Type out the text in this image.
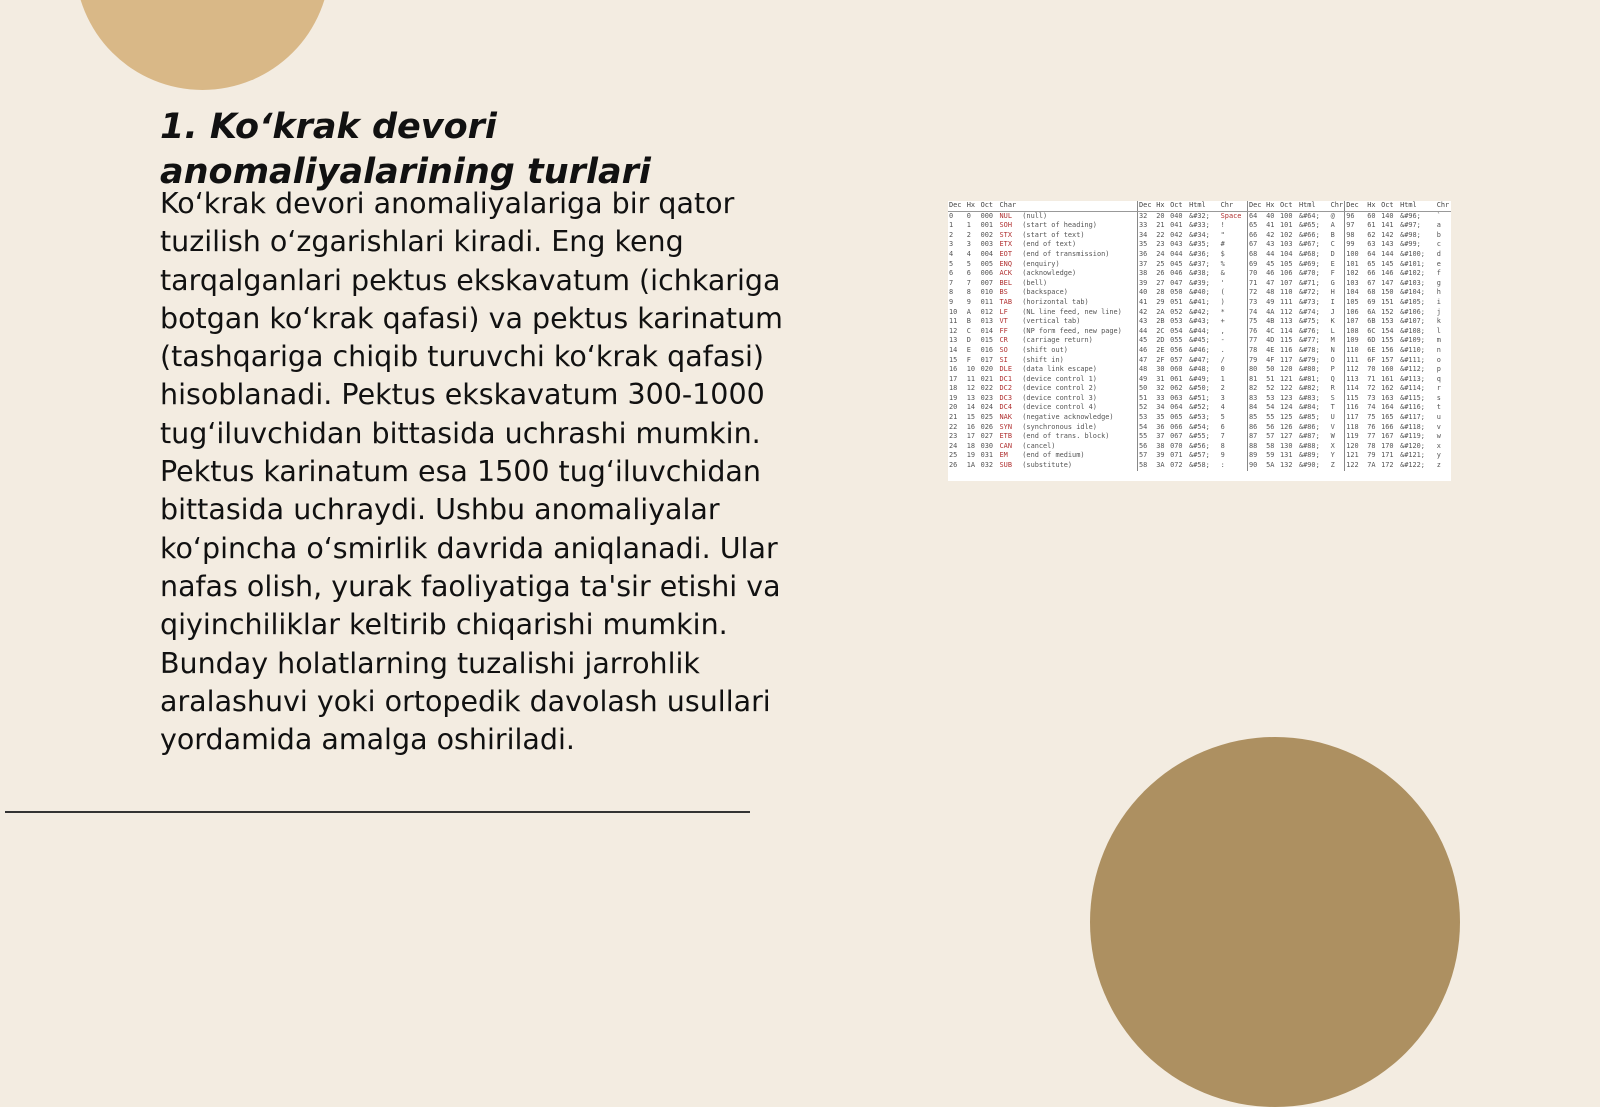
1. Ko‘krak devori anomaliyalarining turlari

Ko‘krak devori anomaliyalariga bir qator tuzilish o‘zgarishlari kiradi. Eng keng tarqalganlari pektus ekskavatum (ichkariga botgan ko‘krak qafasi) va pektus karinatum (tashqariga chiqib turuvchi ko‘krak qafasi) hisoblanadi. Pektus ekskavatum 300-1000 tug‘iluvchidan bittasida uchrashi mumkin. Pektus karinatum esa 1500 tug‘iluvchidan bittasida uchraydi. Ushbu anomaliyalar ko‘pincha o‘smirlik davrida aniqlanadi. Ular nafas olish, yurak faoliyatiga ta'sir etishi va qiyinchiliklar keltirib chiqarishi mumkin. Bunday holatlarning tuzalishi jarrohlik aralashuvi yoki ortopedik davolash usullari yordamida amalga oshiriladi.

Dec	Hx	Oct	Char		Dec	Hx	Oct	Html	Chr	Dec	Hx	Oct	Html	Chr	Dec	Hx	Oct	Html	Chr
0	0	000	NUL	(null)	32	20	040	&#32;	Space	64	40	100	&#64;	@	96	60	140	&#96;	`
1	1	001	SOH	(start of heading)	33	21	041	&#33;	!	65	41	101	&#65;	A	97	61	141	&#97;	a
2	2	002	STX	(start of text)	34	22	042	&#34;	"	66	42	102	&#66;	B	98	62	142	&#98;	b
3	3	003	ETX	(end of text)	35	23	043	&#35;	#	67	43	103	&#67;	C	99	63	143	&#99;	c
4	4	004	EOT	(end of transmission)	36	24	044	&#36;	$	68	44	104	&#68;	D	100	64	144	&#100;	d
5	5	005	ENQ	(enquiry)	37	25	045	&#37;	%	69	45	105	&#69;	E	101	65	145	&#101;	e
6	6	006	ACK	(acknowledge)	38	26	046	&#38;	&	70	46	106	&#70;	F	102	66	146	&#102;	f
7	7	007	BEL	(bell)	39	27	047	&#39;	'	71	47	107	&#71;	G	103	67	147	&#103;	g
8	8	010	BS	(backspace)	40	28	050	&#40;	(	72	48	110	&#72;	H	104	68	150	&#104;	h
9	9	011	TAB	(horizontal tab)	41	29	051	&#41;	)	73	49	111	&#73;	I	105	69	151	&#105;	i
10	A	012	LF	(NL line feed, new line)	42	2A	052	&#42;	*	74	4A	112	&#74;	J	106	6A	152	&#106;	j
11	B	013	VT	(vertical tab)	43	2B	053	&#43;	+	75	4B	113	&#75;	K	107	6B	153	&#107;	k
12	C	014	FF	(NP form feed, new page)	44	2C	054	&#44;	,	76	4C	114	&#76;	L	108	6C	154	&#108;	l
13	D	015	CR	(carriage return)	45	2D	055	&#45;	-	77	4D	115	&#77;	M	109	6D	155	&#109;	m
14	E	016	SO	(shift out)	46	2E	056	&#46;	.	78	4E	116	&#78;	N	110	6E	156	&#110;	n
15	F	017	SI	(shift in)	47	2F	057	&#47;	/	79	4F	117	&#79;	O	111	6F	157	&#111;	o
16	10	020	DLE	(data link escape)	48	30	060	&#48;	0	80	50	120	&#80;	P	112	70	160	&#112;	p
17	11	021	DC1	(device control 1)	49	31	061	&#49;	1	81	51	121	&#81;	Q	113	71	161	&#113;	q
18	12	022	DC2	(device control 2)	50	32	062	&#50;	2	82	52	122	&#82;	R	114	72	162	&#114;	r
19	13	023	DC3	(device control 3)	51	33	063	&#51;	3	83	53	123	&#83;	S	115	73	163	&#115;	s
20	14	024	DC4	(device control 4)	52	34	064	&#52;	4	84	54	124	&#84;	T	116	74	164	&#116;	t
21	15	025	NAK	(negative acknowledge)	53	35	065	&#53;	5	85	55	125	&#85;	U	117	75	165	&#117;	u
22	16	026	SYN	(synchronous idle)	54	36	066	&#54;	6	86	56	126	&#86;	V	118	76	166	&#118;	v
23	17	027	ETB	(end of trans. block)	55	37	067	&#55;	7	87	57	127	&#87;	W	119	77	167	&#119;	w
24	18	030	CAN	(cancel)	56	38	070	&#56;	8	88	58	130	&#88;	X	120	78	170	&#120;	x
25	19	031	EM	(end of medium)	57	39	071	&#57;	9	89	59	131	&#89;	Y	121	79	171	&#121;	y
26	1A	032	SUB	(substitute)	58	3A	072	&#58;	:	90	5A	132	&#90;	Z	122	7A	172	&#122;	z
